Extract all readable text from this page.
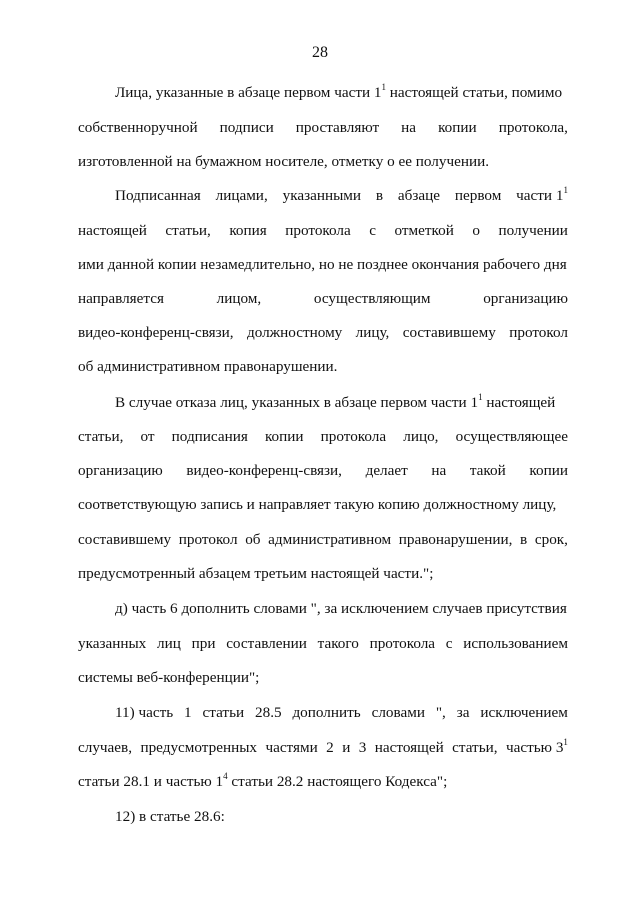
28
Лица, указанные в абзаце первом части $1^1$ настоящей статьи, помимо
собственноручной подписи проставляют на копии протокола,
изготовленной на бумажном носителе, отметку о ее получении.
Подписанная лицами, указанными в абзаце первом части $1^1$
настоящей статьи, копия протокола с отметкой о получении
ими данной копии незамедлительно, но не позднее окончания рабочего дня
направляется	лицом,	осуществляющим	организацию
видео-конференц-связи, должностному лицу, составившему протокол
об административном правонарушении.
В случае отказа лиц, указанных в абзаце первом части $1^1$ настоящей
статьи, от подписания копии протокола лицо, осуществляющее
организацию видео-конференц-связи, делает на такой копии
соответствующую запись и направляет такую копию должностному лицу,
составившему протокол об административном правонарушении, в срок,
предусмотренный абзацем третьим настоящей части.";
д) часть 6 дополнить словами ", за исключением случаев присутствия
указанных лиц при составлении такого протокола с использованием
системы веб-конференции";
11) часть 1 статьи 28.5 дополнить словами ", за исключением
случаев, предусмотренных частями 2 и 3 настоящей статьи, частью $3^1$
статьи 28.1 и частью $1^4$ статьи 28.2 настоящего Кодекса";
12) в статье 28.6:
